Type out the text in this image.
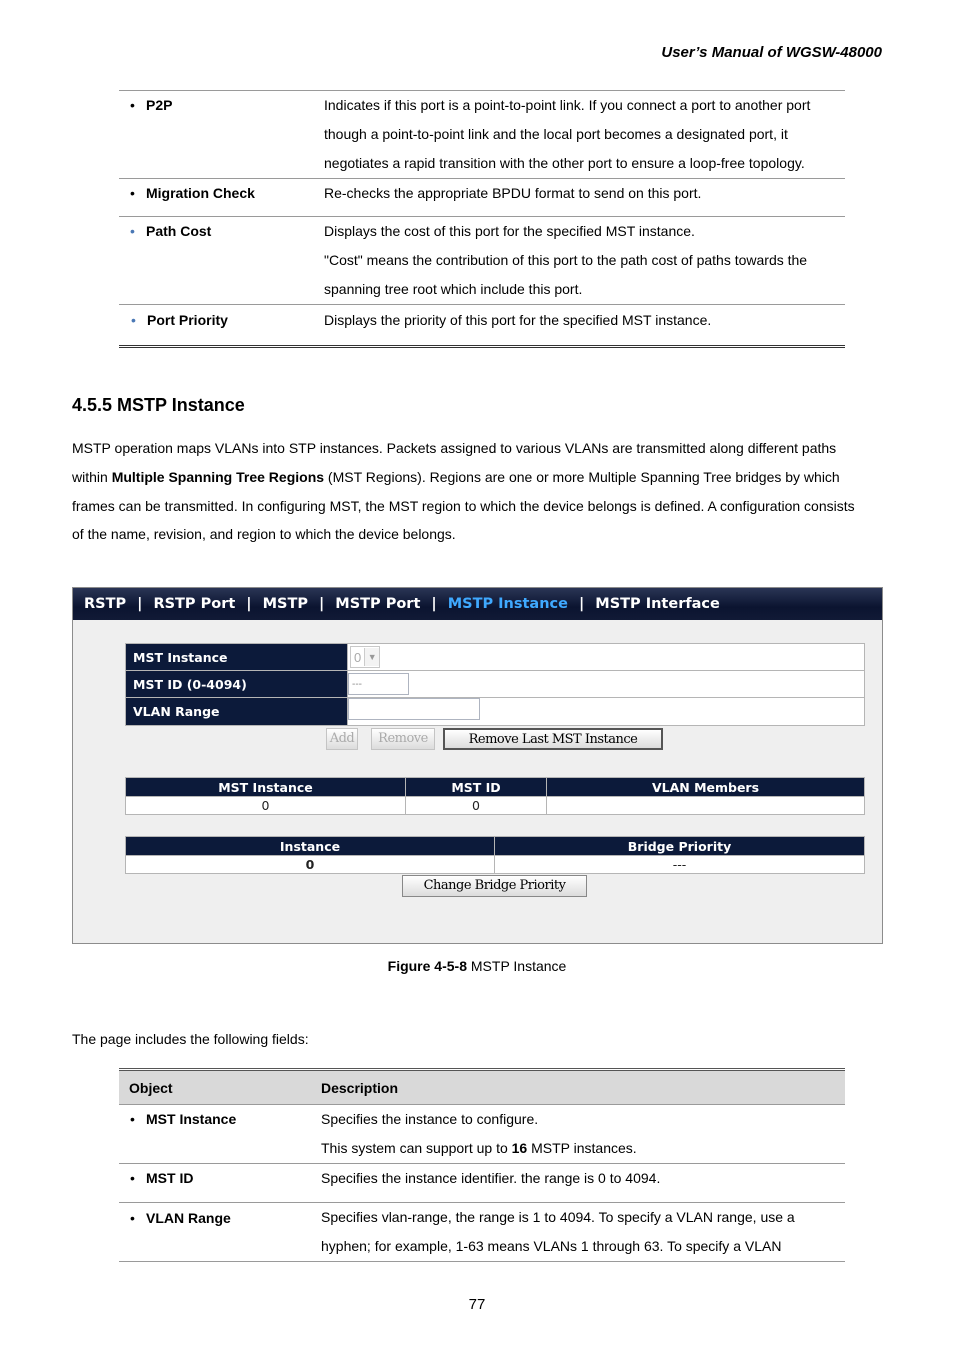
User’s Manual of WGSW-48000
• P2P	Indicates if this port is a point-to-point link. If you connect a port to another port
though a point-to-point link and the local port becomes a designated port, it
negotiates a rapid transition with the other port to ensure a loop-free topology.

• Migration Check	Re-checks the appropriate BPDU format to send on this port.

• Path Cost	Displays the cost of this port for the specified MST instance.
"Cost" means the contribution of this port to the path cost of paths towards the
spanning tree root which include this port.

• Port Priority	Displays the priority of this port for the specified MST instance.
4.5.5 MSTP Instance
MSTP operation maps VLANs into STP instances. Packets assigned to various VLANs are transmitted along different paths
within Multiple Spanning Tree Regions (MST Regions). Regions are one or more Multiple Spanning Tree bridges by which
frames can be transmitted. In configuring MST, the MST region to which the device belongs is defined. A configuration consists
of the name, revision, and region to which the device belongs.
RSTP | RSTP Port | MSTP | MSTP Port | MSTP Instance | MSTP Interface
MST Instance	0 ▼

MST ID (0-4094)	---
VLAN Range	
Add	Remove	Remove Last MST Instance
MST Instance	MST ID	VLAN Members
0	0	
Instance	Bridge Priority
0	---
Change Bridge Priority
Figure 4-5-8 MSTP Instance
The page includes the following fields:
Object	Description
• MST Instance	Specifies the instance to configure.
This system can support up to 16 MSTP instances.

• MST ID	Specifies the instance identifier. the range is 0 to 4094.

• VLAN Range	Specifies vlan-range, the range is 1 to 4094. To specify a VLAN range, use a
hyphen; for example, 1-63 means VLANs 1 through 63. To specify a VLAN
77
